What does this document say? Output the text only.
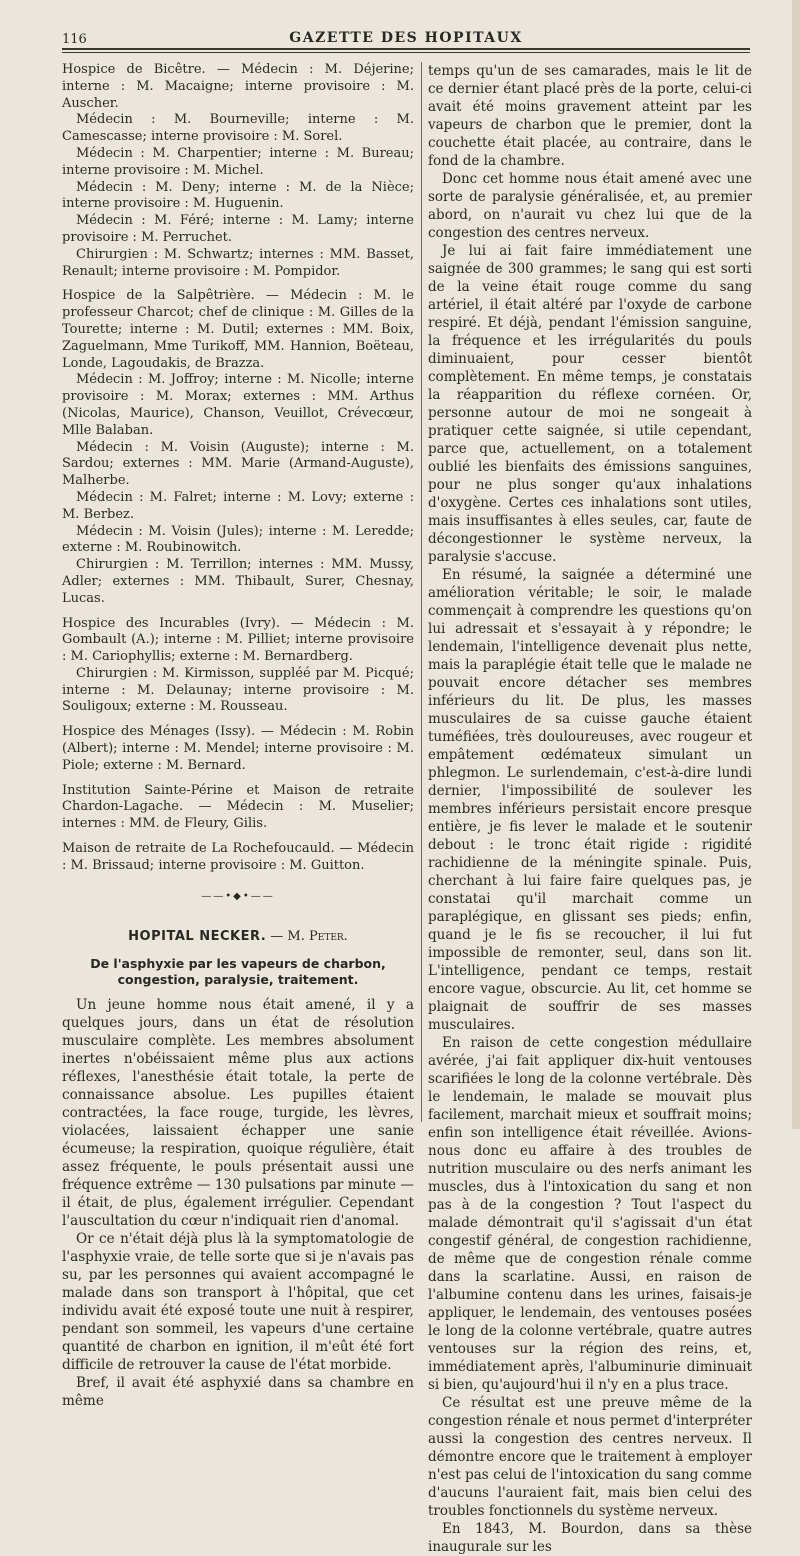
116	GAZETTE DES HOPITAUX

Hospice de Bicêtre. — Médecin : M. Déjerine; interne : M. Macaigne; interne provisoire : M. Auscher.

Médecin : M. Bourneville; interne : M. Camescasse; interne provisoire : M. Sorel.

Médecin : M. Charpentier; interne : M. Bureau; interne provisoire : M. Michel.

Médecin : M. Deny; interne : M. de la Nièce; interne provisoire : M. Huguenin.

Médecin : M. Féré; interne : M. Lamy; interne provisoire : M. Perruchet.

Chirurgien : M. Schwartz; internes : MM. Basset, Renault; interne provisoire : M. Pompidor.

Hospice de la Salpêtrière. — Médecin : M. le professeur Charcot; chef de clinique : M. Gilles de la Tourette; interne : M. Dutil; externes : MM. Boix, Zaguelmann, Mme Turikoff, MM. Hannion, Boëteau, Londe, Lagoudakis, de Brazza.

Médecin : M. Joffroy; interne : M. Nicolle; interne provisoire : M. Morax; externes : MM. Arthus (Nicolas, Maurice), Chanson, Veuillot, Crévecœur, Mlle Balaban.

Médecin : M. Voisin (Auguste); interne : M. Sardou; externes : MM. Marie (Armand-Auguste), Malherbe.

Médecin : M. Falret; interne : M. Lovy; externe : M. Berbez.

Médecin : M. Voisin (Jules); interne : M. Leredde; externe : M. Roubinowitch.

Chirurgien : M. Terrillon; internes : MM. Mussy, Adler; externes : MM. Thibault, Surer, Chesnay, Lucas.

Hospice des Incurables (Ivry). — Médecin : M. Gombault (A.); interne : M. Pilliet; interne provisoire : M. Cariophyllis; externe : M. Bernardberg.

Chirurgien : M. Kirmisson, suppléé par M. Picqué; interne : M. Delaunay; interne provisoire : M. Souligoux; externe : M. Rousseau.

Hospice des Ménages (Issy). — Médecin : M. Robin (Albert); interne : M. Mendel; interne provisoire : M. Piole; externe : M. Bernard.

Institution Sainte-Périne et Maison de retraite Chardon-Lagache. — Médecin : M. Muselier; internes : MM. de Fleury, Gilis.

Maison de retraite de La Rochefoucauld. — Médecin : M. Brissaud; interne provisoire : M. Guitton.

——•◆•——
HOPITAL NECKER. — M. Peter.
De l'asphyxie par les vapeurs de charbon,
congestion, paralysie, traitement.

Un jeune homme nous était amené, il y a quelques jours, dans un état de résolution musculaire complète. Les membres absolument inertes n'obéissaient même plus aux actions réflexes, l'anesthésie était totale, la perte de connaissance absolue. Les pupilles étaient contractées, la face rouge, turgide, les lèvres, violacées, laissaient échapper une sanie écumeuse; la respiration, quoique régulière, était assez fréquente, le pouls présentait aussi une fréquence extrême — 130 pulsations par minute — il était, de plus, également irrégulier. Cependant l'auscultation du cœur n'indiquait rien d'anomal.

Or ce n'était déjà plus là la symptomatologie de l'asphyxie vraie, de telle sorte que si je n'avais pas su, par les personnes qui avaient accompagné le malade dans son transport à l'hôpital, que cet individu avait été exposé toute une nuit à respirer, pendant son sommeil, les vapeurs d'une certaine quantité de charbon en ignition, il m'eût été fort difficile de retrouver la cause de l'état morbide.

Bref, il avait été asphyxié dans sa chambre en même

temps qu'un de ses camarades, mais le lit de ce dernier étant placé près de la porte, celui-ci avait été moins gravement atteint par les vapeurs de charbon que le premier, dont la couchette était placée, au contraire, dans le fond de la chambre.

Donc cet homme nous était amené avec une sorte de paralysie généralisée, et, au premier abord, on n'aurait vu chez lui que de la congestion des centres nerveux.

Je lui ai fait faire immédiatement une saignée de 300 grammes; le sang qui est sorti de la veine était rouge comme du sang artériel, il était altéré par l'oxyde de carbone respiré. Et déjà, pendant l'émission sanguine, la fréquence et les irrégularités du pouls diminuaient, pour cesser bientôt complètement. En même temps, je constatais la réapparition du réflexe cornéen. Or, personne autour de moi ne songeait à pratiquer cette saignée, si utile cependant, parce que, actuellement, on a totalement oublié les bienfaits des émissions sanguines, pour ne plus songer qu'aux inhalations d'oxygène. Certes ces inhalations sont utiles, mais insuffisantes à elles seules, car, faute de décongestionner le système nerveux, la paralysie s'accuse.

En résumé, la saignée a déterminé une amélioration véritable; le soir, le malade commençait à comprendre les questions qu'on lui adressait et s'essayait à y répondre; le lendemain, l'intelligence devenait plus nette, mais la paraplégie était telle que le malade ne pouvait encore détacher ses membres inférieurs du lit. De plus, les masses musculaires de sa cuisse gauche étaient tuméfiées, très douloureuses, avec rougeur et empâtement œdémateux simulant un phlegmon. Le surlendemain, c'est-à-dire lundi dernier, l'impossibilité de soulever les membres inférieurs persistait encore presque entière, je fis lever le malade et le soutenir debout : le tronc était rigide : rigidité rachidienne de la méningite spinale. Puis, cherchant à lui faire faire quelques pas, je constatai qu'il marchait comme un paraplégique, en glissant ses pieds; enfin, quand je le fis se recoucher, il lui fut impossible de remonter, seul, dans son lit. L'intelligence, pendant ce temps, restait encore vague, obscurcie. Au lit, cet homme se plaignait de souffrir de ses masses musculaires.

En raison de cette congestion médullaire avérée, j'ai fait appliquer dix-huit ventouses scarifiées le long de la colonne vertébrale. Dès le lendemain, le malade se mouvait plus facilement, marchait mieux et souffrait moins; enfin son intelligence était réveillée. Avions-nous donc eu affaire à des troubles de nutrition musculaire ou des nerfs animant les muscles, dus à l'intoxication du sang et non pas à de la congestion ? Tout l'aspect du malade démontrait qu'il s'agissait d'un état congestif général, de congestion rachidienne, de même que de congestion rénale comme dans la scarlatine. Aussi, en raison de l'albumine contenu dans les urines, faisais-je appliquer, le lendemain, des ventouses posées le long de la colonne vertébrale, quatre autres ventouses sur la région des reins, et, immédiatement après, l'albuminurie diminuait si bien, qu'aujourd'hui il n'y en a plus trace.

Ce résultat est une preuve même de la congestion rénale et nous permet d'interpréter aussi la congestion des centres nerveux. Il démontre encore que le traitement à employer n'est pas celui de l'intoxication du sang comme d'aucuns l'auraient fait, mais bien celui des troubles fonctionnels du système nerveux.

En 1843, M. Bourdon, dans sa thèse inaugurale sur les
